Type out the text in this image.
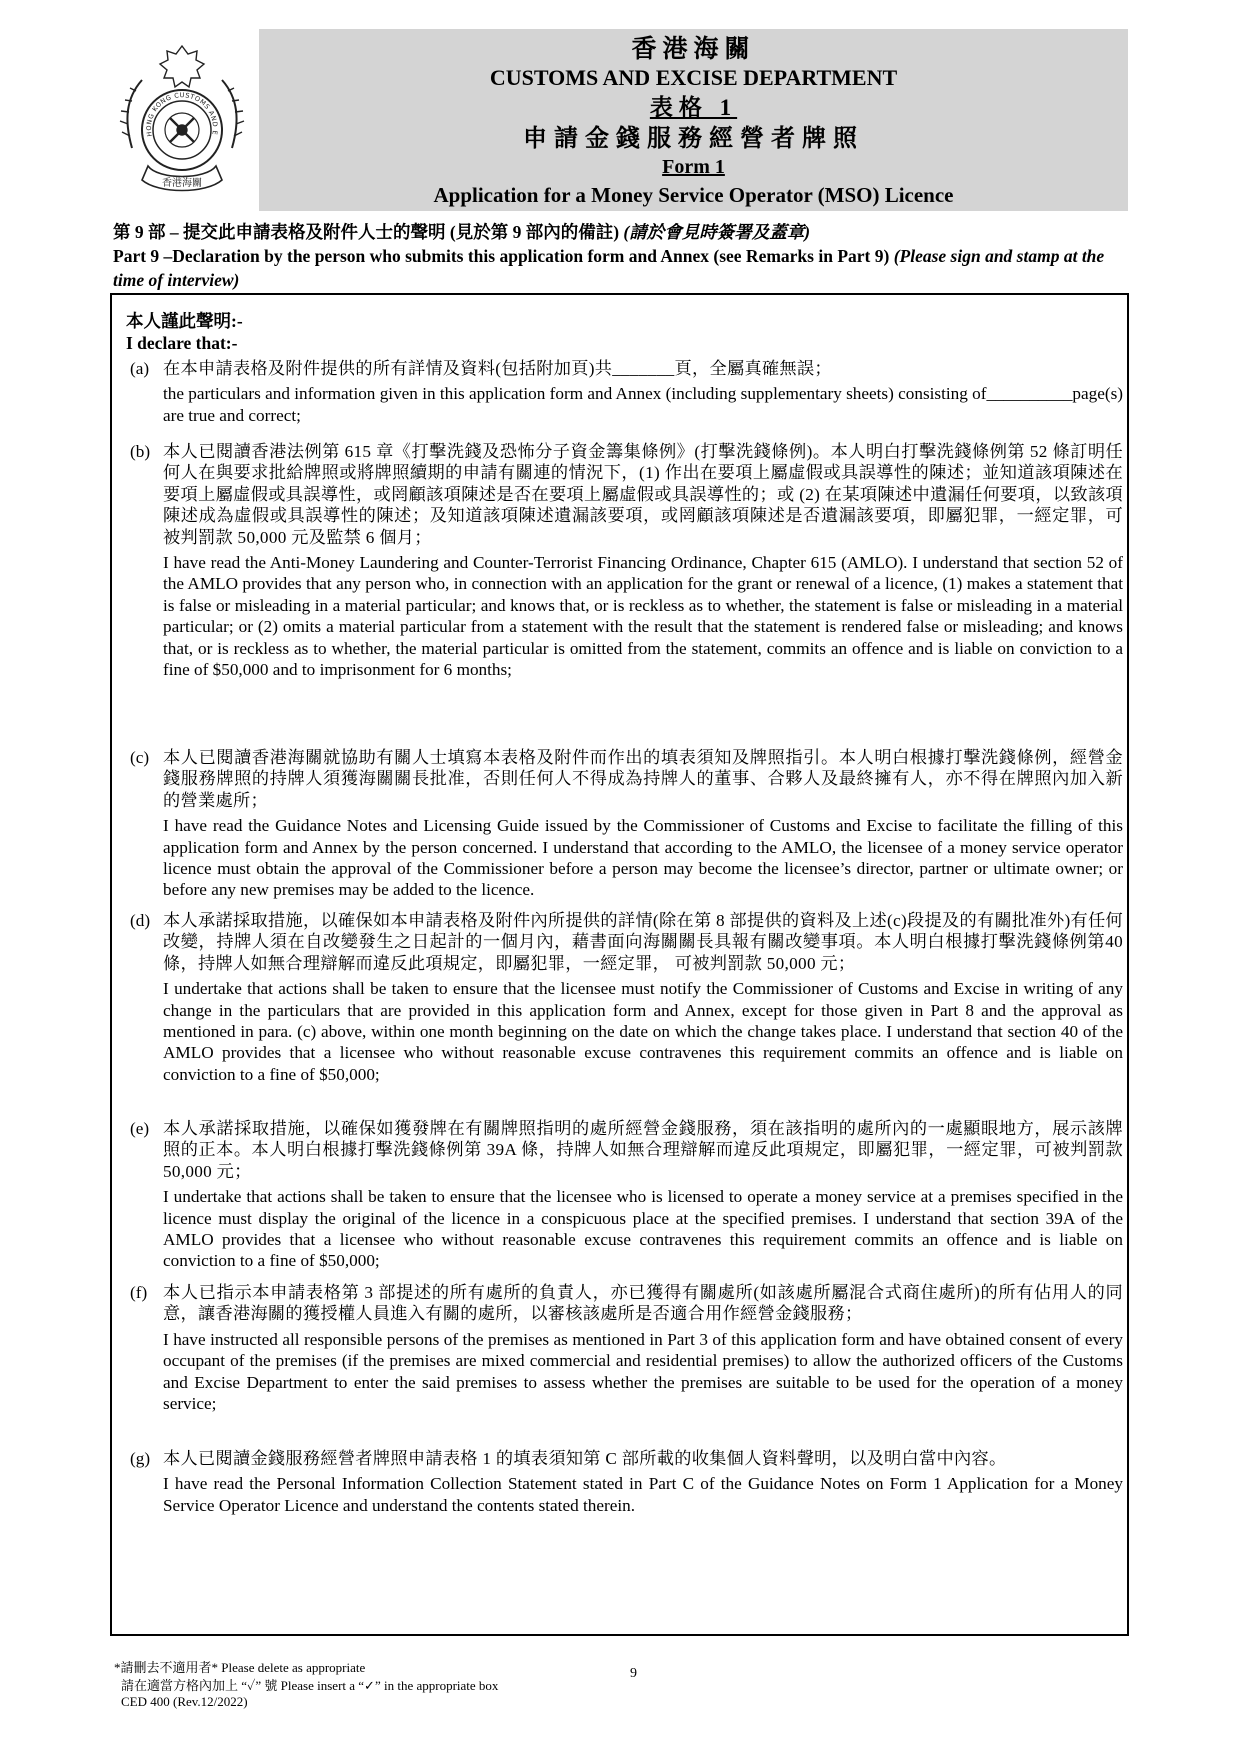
HONG KONG CUSTOMS AND E
香港海關
香港海關
CUSTOMS AND EXCISE DEPARTMENT
表格 1
申請金錢服務經營者牌照
Form 1
Application for a Money Service Operator (MSO) Licence
第 9 部 – 提交此申請表格及附件人士的聲明 (見於第 9 部內的備註) (請於會見時簽署及蓋章)
Part 9 –Declaration by the person who submits this application form and Annex (see Remarks in Part 9) (Please sign and stamp at the time of interview)
本人謹此聲明:-
I declare that:-
(a) 在本申請表格及附件提供的所有詳情及資料(包括附加頁)共_______頁，全屬真確無誤；
the particulars and information given in this application form and Annex (including supplementary sheets) consisting of__________page(s) are true and correct;
(b) 本人已閱讀香港法例第 615 章《打擊洗錢及恐怖分子資金籌集條例》(打擊洗錢條例)。本人明白打擊洗錢條例第 52 條訂明任何人在與要求批給牌照或將牌照續期的申請有關連的情況下，(1) 作出在要項上屬虛假或具誤導性的陳述；並知道該項陳述在要項上屬虛假或具誤導性，或罔顧該項陳述是否在要項上屬虛假或具誤導性的；或 (2) 在某項陳述中遺漏任何要項，以致該項陳述成為虛假或具誤導性的陳述；及知道該項陳述遺漏該要項，或罔顧該項陳述是否遺漏該要項，即屬犯罪，一經定罪，可被判罰款 50,000 元及監禁 6 個月；
I have read the Anti-Money Laundering and Counter-Terrorist Financing Ordinance, Chapter 615 (AMLO). I understand that section 52 of the AMLO provides that any person who, in connection with an application for the grant or renewal of a licence, (1) makes a statement that is false or misleading in a material particular; and knows that, or is reckless as to whether, the statement is false or misleading in a material particular; or (2) omits a material particular from a statement with the result that the statement is rendered false or misleading; and knows that, or is reckless as to whether, the material particular is omitted from the statement, commits an offence and is liable on conviction to a fine of $50,000 and to imprisonment for 6 months;
(c) 本人已閱讀香港海關就協助有關人士填寫本表格及附件而作出的填表須知及牌照指引。本人明白根據打擊洗錢條例，經營金錢服務牌照的持牌人須獲海關關長批准，否則任何人不得成為持牌人的董事、合夥人及最終擁有人，亦不得在牌照內加入新的營業處所；
I have read the Guidance Notes and Licensing Guide issued by the Commissioner of Customs and Excise to facilitate the filling of this application form and Annex by the person concerned. I understand that according to the AMLO, the licensee of a money service operator licence must obtain the approval of the Commissioner before a person may become the licensee’s director, partner or ultimate owner; or before any new premises may be added to the licence.
(d) 本人承諾採取措施，以確保如本申請表格及附件內所提供的詳情(除在第 8 部提供的資料及上述(c)段提及的有關批准外)有任何改變，持牌人須在自改變發生之日起計的一個月內，藉書面向海關關長具報有關改變事項。本人明白根據打擊洗錢條例第40條，持牌人如無合理辯解而違反此項規定，即屬犯罪，一經定罪， 可被判罰款 50,000 元；
I undertake that actions shall be taken to ensure that the licensee must notify the Commissioner of Customs and Excise in writing of any change in the particulars that are provided in this application form and Annex, except for those given in Part 8 and the approval as mentioned in para. (c) above, within one month beginning on the date on which the change takes place. I understand that section 40 of the AMLO provides that a licensee who without reasonable excuse contravenes this requirement commits an offence and is liable on conviction to a fine of $50,000;
(e) 本人承諾採取措施，以確保如獲發牌在有關牌照指明的處所經營金錢服務，須在該指明的處所內的一處顯眼地方，展示該牌照的正本。本人明白根據打擊洗錢條例第 39A 條，持牌人如無合理辯解而違反此項規定，即屬犯罪，一經定罪，可被判罰款 50,000 元；
I undertake that actions shall be taken to ensure that the licensee who is licensed to operate a money service at a premises specified in the licence must display the original of the licence in a conspicuous place at the specified premises. I understand that section 39A of the AMLO provides that a licensee who without reasonable excuse contravenes this requirement commits an offence and is liable on conviction to a fine of $50,000;
(f) 本人已指示本申請表格第 3 部提述的所有處所的負責人，亦已獲得有關處所(如該處所屬混合式商住處所)的所有佔用人的同意，讓香港海關的獲授權人員進入有關的處所，以審核該處所是否適合用作經營金錢服務；
I have instructed all responsible persons of the premises as mentioned in Part 3 of this application form and have obtained consent of every occupant of the premises (if the premises are mixed commercial and residential premises) to allow the authorized officers of the Customs and Excise Department to enter the said premises to assess whether the premises are suitable to be used for the operation of a money service;
(g) 本人已閱讀金錢服務經營者牌照申請表格 1 的填表須知第 C 部所載的收集個人資料聲明，以及明白當中內容。
I have read the Personal Information Collection Statement stated in Part C of the Guidance Notes on Form 1 Application for a Money Service Operator Licence and understand the contents stated therein.
*請刪去不適用者* Please delete as appropriate	9
請在適當方格內加上 “✓” 號 Please insert a “✓” in the appropriate box
CED 400 (Rev.12/2022)
